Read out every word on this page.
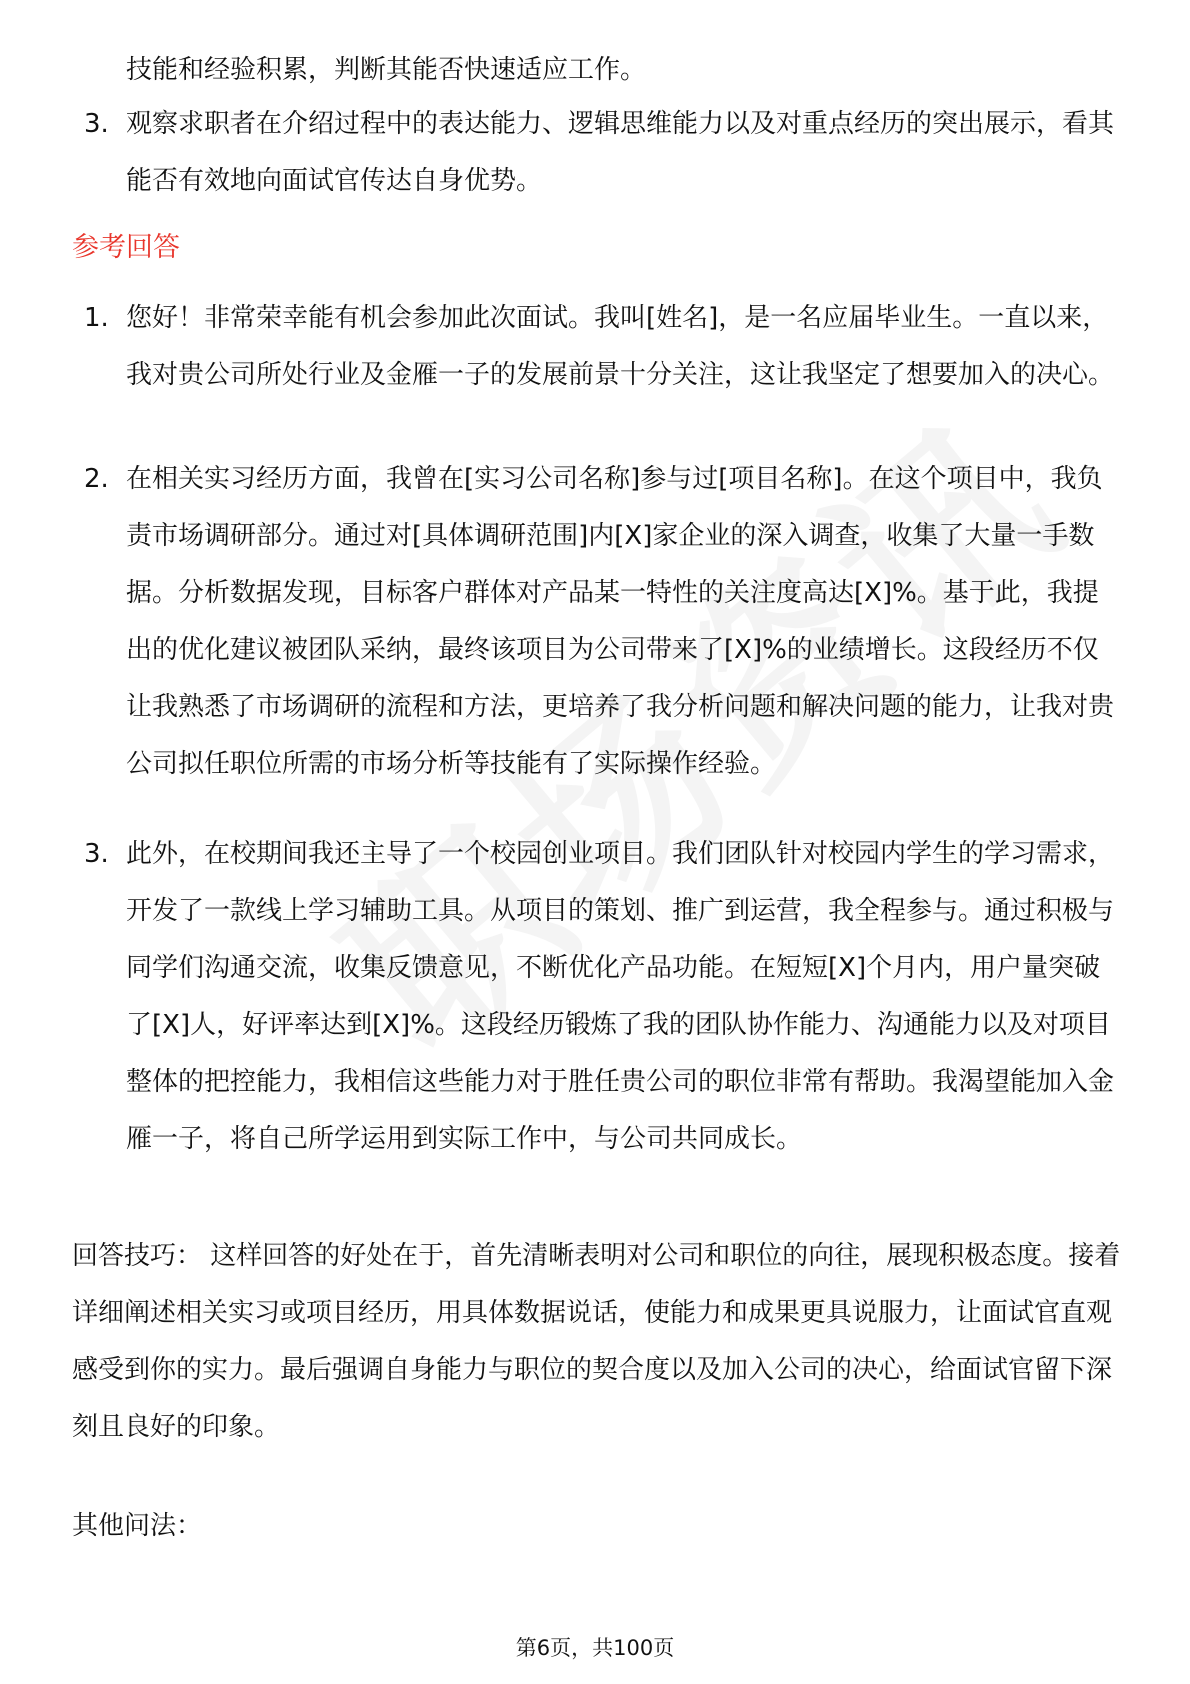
技能和经验积累，判断其能否快速适应工作。

3. 观察求职者在介绍过程中的表达能力、逻辑思维能力以及对重点经历的突出展示，看其能否有效地向面试官传达自身优势。
参考回答
1. 您好！非常荣幸能有机会参加此次面试。我叫[姓名]，是一名应届毕业生。一直以来，我对贵公司所处行业及金雁一子的发展前景十分关注，这让我坚定了想要加入的决心。
2. 在相关实习经历方面，我曾在[实习公司名称]参与过[项目名称]。在这个项目中，我负责市场调研部分。通过对[具体调研范围]内[X]家企业的深入调查，收集了大量一手数据。分析数据发现，目标客户群体对产品某一特性的关注度高达[X]%。基于此，我提出的优化建议被团队采纳，最终该项目为公司带来了[X]%的业绩增长。这段经历不仅让我熟悉了市场调研的流程和方法，更培养了我分析问题和解决问题的能力，让我对贵公司拟任职位所需的市场分析等技能有了实际操作经验。
3. 此外，在校期间我还主导了一个校园创业项目。我们团队针对校园内学生的学习需求，开发了一款线上学习辅助工具。从项目的策划、推广到运营，我全程参与。通过积极与同学们沟通交流，收集反馈意见，不断优化产品功能。在短短[X]个月内，用户量突破了[X]人，好评率达到[X]%。这段经历锻炼了我的团队协作能力、沟通能力以及对项目整体的把控能力，我相信这些能力对于胜任贵公司的职位非常有帮助。我渴望能加入金雁一子，将自己所学运用到实际工作中，与公司共同成长。
回答技巧： 这样回答的好处在于，首先清晰表明对公司和职位的向往，展现积极态度。接着详细阐述相关实习或项目经历，用具体数据说话，使能力和成果更具说服力，让面试官直观感受到你的实力。最后强调自身能力与职位的契合度以及加入公司的决心，给面试官留下深刻且良好的印象。
其他问法：
第6页，共100页
